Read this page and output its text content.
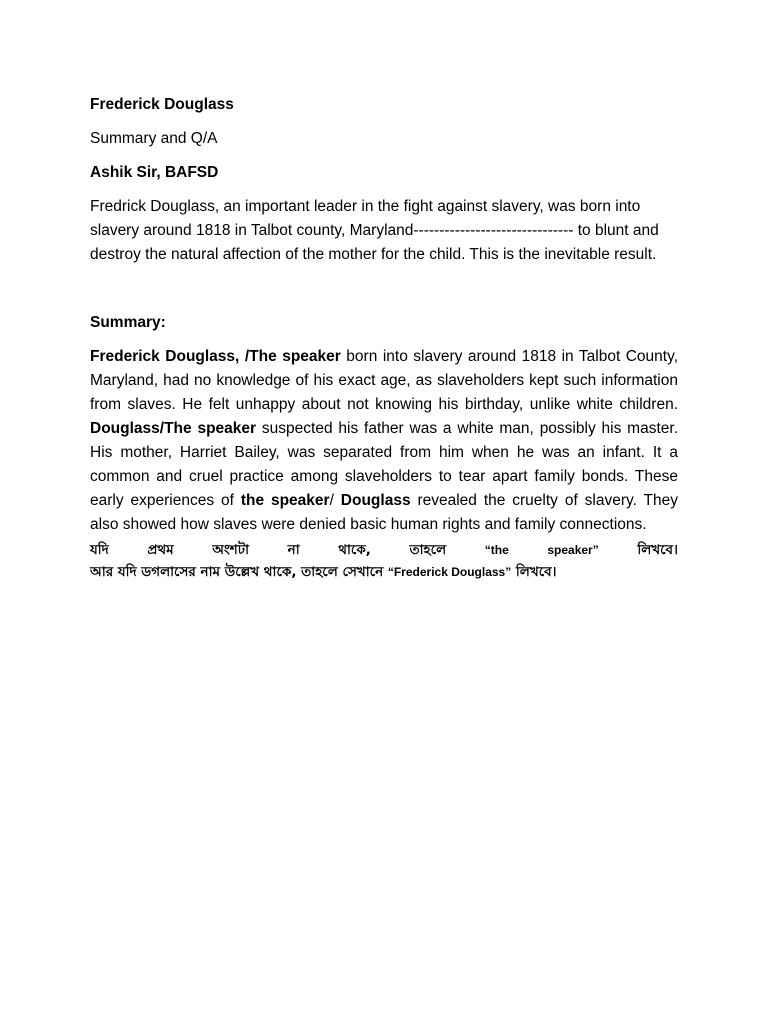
Frederick Douglass

Summary and Q/A

Ashik Sir, BAFSD

Fredrick Douglass, an important leader in the fight against slavery, was born into slavery around 1818 in Talbot county, Maryland------------------------------- to blunt and destroy the natural affection of the mother for the child. This is the inevitable result.

Summary:

Frederick Douglass, /The speaker born into slavery around 1818 in Talbot County, Maryland, had no knowledge of his exact age, as slaveholders kept such information from slaves. He felt unhappy about not knowing his birthday, unlike white children. Douglass/The speaker suspected his father was a white man, possibly his master. His mother, Harriet Bailey, was separated from him when he was an infant. It a common and cruel practice among slaveholders to tear apart family bonds. These early experiences of the speaker/ Douglass revealed the cruelty of slavery. They also showed how slaves were denied basic human rights and family connections.

যদি	প্রথম	অংশটা	না	থাকে,	তাহলে	“the	speaker”	লিখবে।
আর যদি ডগলাসের নাম উল্লেখ থাকে, তাহলে সেখানে “Frederick Douglass” লিখবে।
